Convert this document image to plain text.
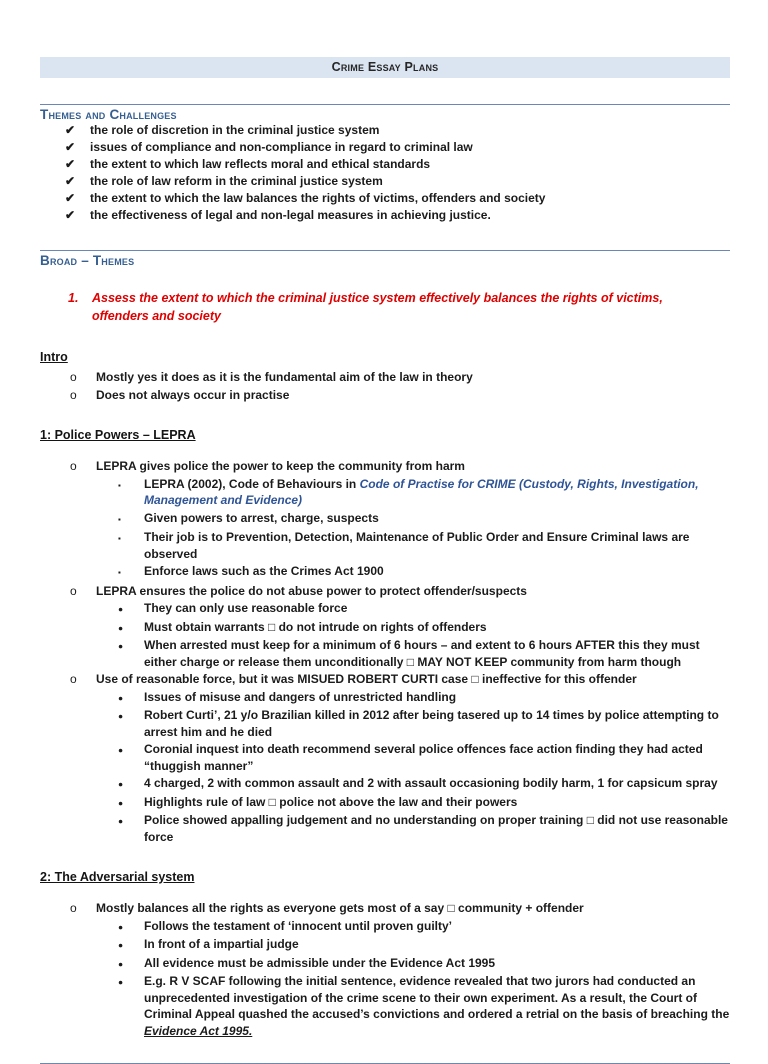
Crime Essay Plans
Themes and Challenges
✔	the role of discretion in the criminal justice system
✔	issues of compliance and non-compliance in regard to criminal law
✔	the extent to which law reflects moral and ethical standards
✔	the role of law reform in the criminal justice system
✔	the extent to which the law balances the rights of victims, offenders and society
✔	the effectiveness of legal and non-legal measures in achieving justice.
Broad – Themes
1.	Assess the extent to which the criminal justice system effectively balances the rights of victims, offenders and society
Intro
o	Mostly yes it does as it is the fundamental aim of the law in theory
o	Does not always occur in practise
1: Police Powers – LEPRA
o	LEPRA gives police the power to keep the community from harm
▪	LEPRA (2002), Code of Behaviours in Code of Practise for CRIME (Custody, Rights, Investigation, Management and Evidence)
▪	Given powers to arrest, charge, suspects
▪	Their job is to Prevention, Detection, Maintenance of Public Order and Ensure Criminal laws are observed
▪	Enforce laws such as the Crimes Act 1900
o	LEPRA ensures the police do not abuse power to protect offender/suspects
●	They can only use reasonable force
●	Must obtain warrants □ do not intrude on rights of offenders
●	When arrested must keep for a minimum of 6 hours – and extent to 6 hours AFTER this they must either charge or release them unconditionally □ MAY NOT KEEP community from harm though
o	Use of reasonable force, but it was MISUED ROBERT CURTI case □ ineffective for this offender
●	Issues of misuse and dangers of unrestricted handling
●	Robert Curti’, 21 y/o Brazilian killed in 2012 after being tasered up to 14 times by police attempting to arrest him and he died
●	Coronial inquest into death recommend several police offences face action finding they had acted “thuggish manner”
●	4 charged, 2 with common assault and 2 with assault occasioning bodily harm, 1 for capsicum spray
●	Highlights rule of law □ police not above the law and their powers
●	Police showed appalling judgement and no understanding on proper training □ did not use reasonable force
2: The Adversarial system
o	Mostly balances all the rights as everyone gets most of a say □ community + offender
●	Follows the testament of ‘innocent until proven guilty’
●	In front of a impartial judge
●	All evidence must be admissible under the Evidence Act 1995
●	E.g. R V SCAF following the initial sentence, evidence revealed that two jurors had conducted an unprecedented investigation of the crime scene to their own experiment. As a result, the Court of Criminal Appeal quashed the accused’s convictions and ordered a retrial on the basis of breaching the Evidence Act 1995.
